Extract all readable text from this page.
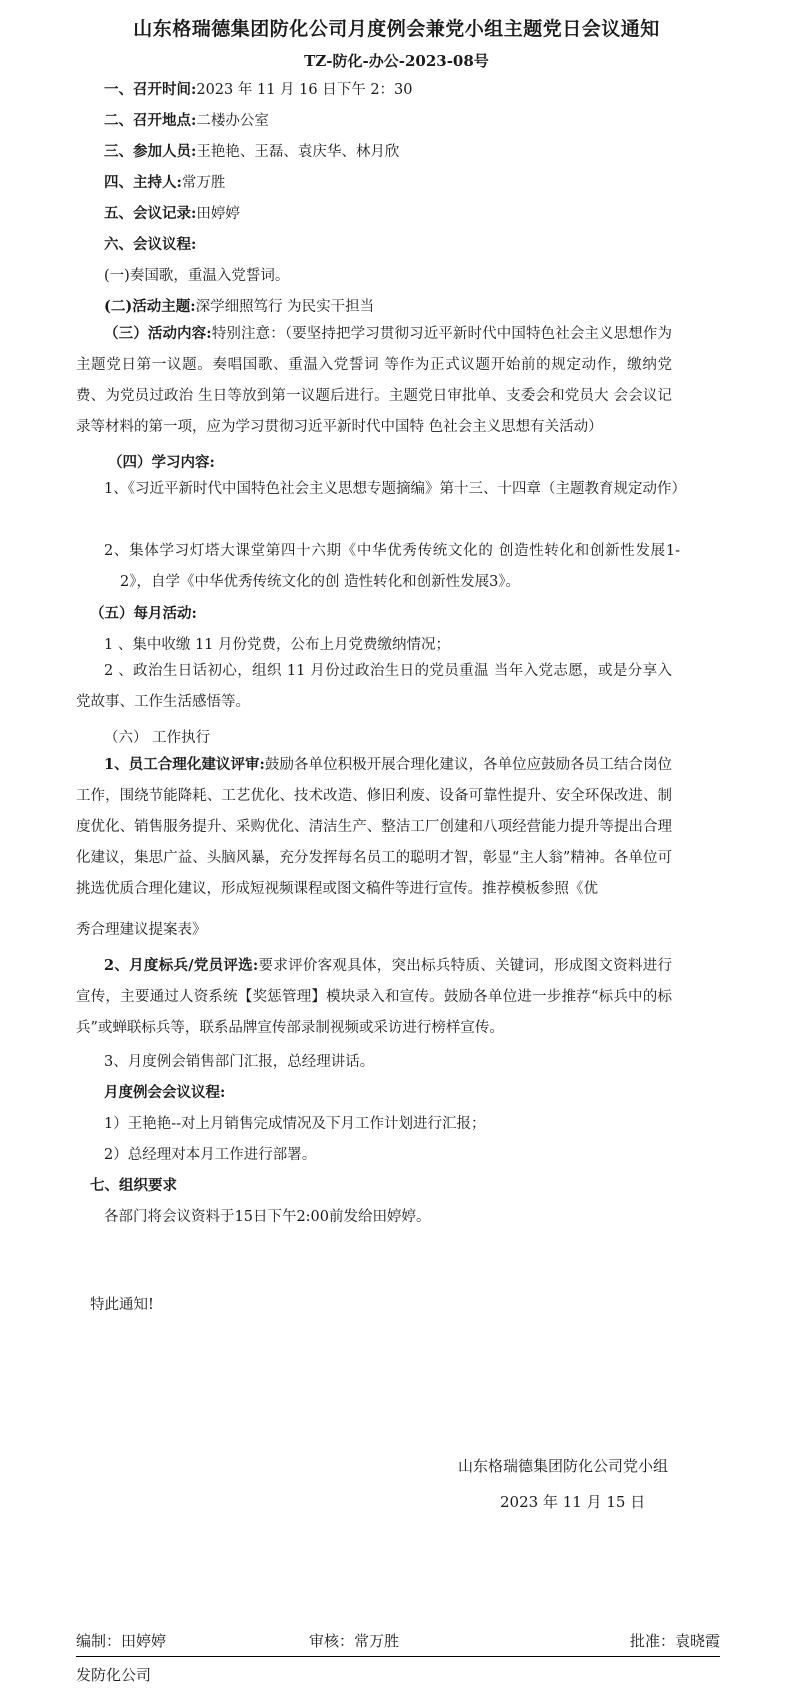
山东格瑞德集团防化公司月度例会兼党小组主题党日会议通知
TZ-防化-办公-2023-08号
一、召开时间:2023 年 11 月 16 日下午 2：30
二、召开地点:二楼办公室
三、参加人员:王艳艳、王磊、袁庆华、林月欣
四、主持人:常万胜
五、会议记录:田婷婷
六、会议议程:
(一)奏国歌，重温入党誓词。
(二)活动主题:深学细照笃行 为民实干担当
（三）活动内容:特别注意：（要坚持把学习贯彻习近平新时代中国特色社会主义思想作为主题党日第一议题。奏唱国歌、重温入党誓词 等作为正式议题开始前的规定动作，缴纳党费、为党员过政治 生日等放到第一议题后进行。主题党日审批单、支委会和党员大 会会议记录等材料的第一项，应为学习贯彻习近平新时代中国特 色社会主义思想有关活动）
（四）学习内容:
1、《习近平新时代中国特色社会主义思想专题摘编》第十三、十四章（主题教育规定动作）
2、集体学习灯塔大课堂第四十六期《中华优秀传统文化的 创造性转化和创新性发展1-2》，自学《中华优秀传统文化的创 造性转化和创新性发展3》。
（五）每月活动:
1 、集中收缴 11 月份党费，公布上月党费缴纳情况；
2 、政治生日话初心，组织 11 月份过政治生日的党员重温 当年入党志愿，或是分享入党故事、工作生活感悟等。
（六） 工作执行
1、员工合理化建议评审:鼓励各单位积极开展合理化建议，各单位应鼓励各员工结合岗位工作，围绕节能降耗、工艺优化、技术改造、修旧利废、设备可靠性提升、安全环保改进、制度优化、销售服务提升、采购优化、清洁生产、整洁工厂创建和八项经营能力提升等提出合理化建议，集思广益、头脑风暴，充分发挥每名员工的聪明才智，彰显“主人翁”精神。各单位可挑选优质合理化建议，形成短视频课程或图文稿件等进行宣传。推荐模板参照《优
秀合理建议提案表》
2、月度标兵/党员评选:要求评价客观具体，突出标兵特质、关键词，形成图文资料进行宣传，主要通过人资系统【奖惩管理】模块录入和宣传。鼓励各单位进一步推荐“标兵中的标兵”或蝉联标兵等，联系品牌宣传部录制视频或采访进行榜样宣传。
3、月度例会销售部门汇报，总经理讲话。
月度例会会议议程:
1）王艳艳--对上月销售完成情况及下月工作计划进行汇报；
2）总经理对本月工作进行部署。
七、组织要求
各部门将会议资料于15日下午2:00前发给田婷婷。
特此通知!
山东格瑞德集团防化公司党小组
2023 年 11 月 15 日
编制：田婷婷	审核：常万胜	批准：袁晓霞
发防化公司
